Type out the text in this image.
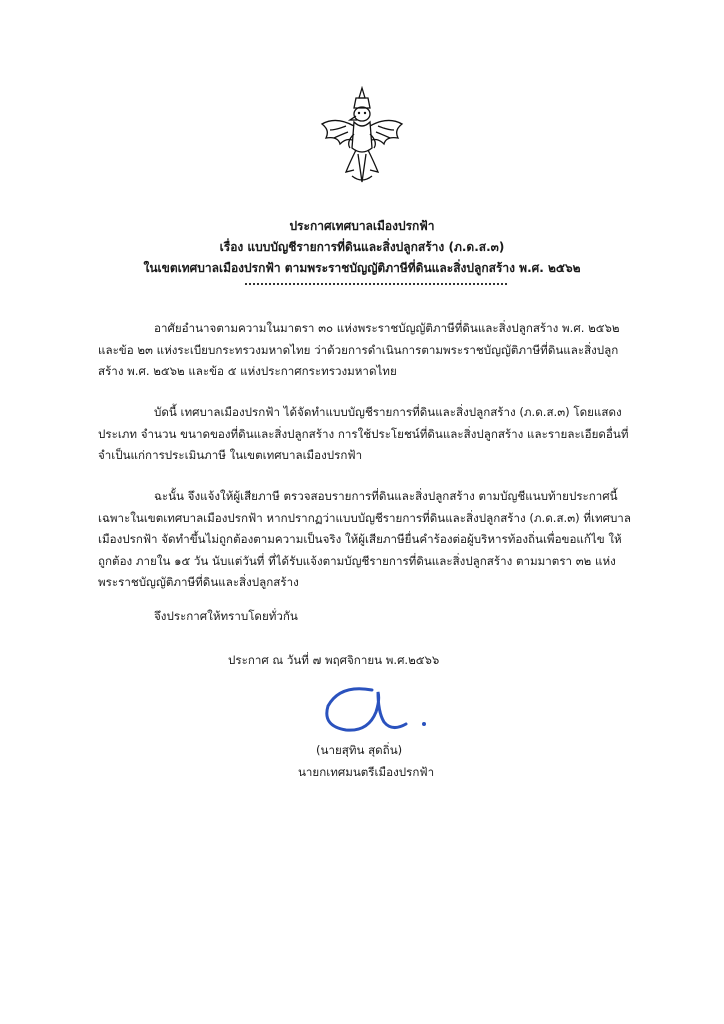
ประกาศเทศบาลเมืองปรกฟ้า
เรื่อง แบบบัญชีรายการที่ดินและสิ่งปลูกสร้าง (ภ.ด.ส.๓)
ในเขตเทศบาลเมืองปรกฟ้า ตามพระราชบัญญัติภาษีที่ดินและสิ่งปลูกสร้าง พ.ศ. ๒๕๖๒
อาศัยอำนาจตามความในมาตรา ๓๐ แห่งพระราชบัญญัติภาษีที่ดินและสิ่งปลูกสร้าง พ.ศ. ๒๕๖๒
และข้อ ๒๓ แห่งระเบียบกระทรวงมหาดไทย ว่าด้วยการดำเนินการตามพระราชบัญญัติภาษีที่ดินและสิ่งปลูก
สร้าง พ.ศ. ๒๕๖๒ และข้อ ๕ แห่งประกาศกระทรวงมหาดไทย
บัดนี้ เทศบาลเมืองปรกฟ้า ได้จัดทำแบบบัญชีรายการที่ดินและสิ่งปลูกสร้าง (ภ.ด.ส.๓) โดยแสดง
ประเภท จำนวน ขนาดของที่ดินและสิ่งปลูกสร้าง การใช้ประโยชน์ที่ดินและสิ่งปลูกสร้าง และรายละเอียดอื่นที่
จำเป็นแก่การประเมินภาษี ในเขตเทศบาลเมืองปรกฟ้า
ฉะนั้น จึงแจ้งให้ผู้เสียภาษี ตรวจสอบรายการที่ดินและสิ่งปลูกสร้าง ตามบัญชีแนบท้ายประกาศนี้
เฉพาะในเขตเทศบาลเมืองปรกฟ้า หากปรากฏว่าแบบบัญชีรายการที่ดินและสิ่งปลูกสร้าง (ภ.ด.ส.๓) ที่เทศบาล
เมืองปรกฟ้า จัดทำขึ้นไม่ถูกต้องตามความเป็นจริง ให้ผู้เสียภาษียื่นคำร้องต่อผู้บริหารท้องถิ่นเพื่อขอแก้ไข ให้
ถูกต้อง ภายใน ๑๕ วัน นับแต่วันที่ ที่ได้รับแจ้งตามบัญชีรายการที่ดินและสิ่งปลูกสร้าง ตามมาตรา ๓๒ แห่ง
พระราชบัญญัติภาษีที่ดินและสิ่งปลูกสร้าง
จึงประกาศให้ทราบโดยทั่วกัน
ประกาศ ณ วันที่ ๗ พฤศจิกายน พ.ศ.๒๕๖๖
(นายสุทิน สุดถิ่น)
นายกเทศมนตรีเมืองปรกฟ้า
